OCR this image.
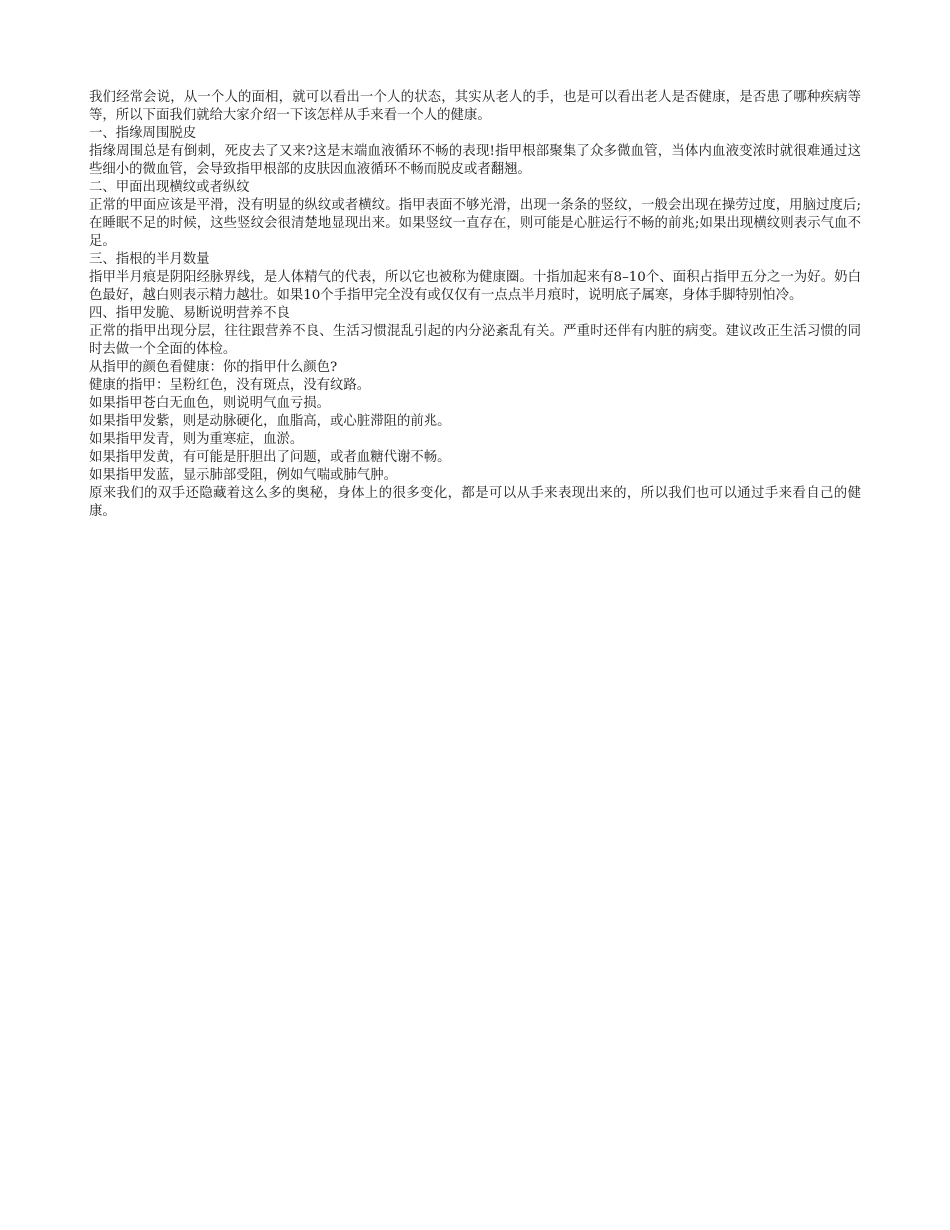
我们经常会说，从一个人的面相，就可以看出一个人的状态，其实从老人的手，也是可以看出老人是否健康，是否患了哪种疾病等等，所以下面我们就给大家介绍一下该怎样从手来看一个人的健康。

一、指缘周围脱皮

指缘周围总是有倒刺，死皮去了又来?这是末端血液循环不畅的表现!指甲根部聚集了众多微血管，当体内血液变浓时就很难通过这些细小的微血管，会导致指甲根部的皮肤因血液循环不畅而脱皮或者翻翘。

二、甲面出现横纹或者纵纹

正常的甲面应该是平滑，没有明显的纵纹或者横纹。指甲表面不够光滑，出现一条条的竖纹，一般会出现在操劳过度，用脑过度后;在睡眠不足的时候，这些竖纹会很清楚地显现出来。如果竖纹一直存在，则可能是心脏运行不畅的前兆;如果出现横纹则表示气血不足。

三、指根的半月数量

指甲半月痕是阴阳经脉界线，是人体精气的代表，所以它也被称为健康圈。十指加起来有8–10个、面积占指甲五分之一为好。奶白色最好，越白则表示精力越壮。如果10个手指甲完全没有或仅仅有一点点半月痕时，说明底子属寒，身体手脚特别怕冷。

四、指甲发脆、易断说明营养不良

正常的指甲出现分层，往往跟营养不良、生活习惯混乱引起的内分泌紊乱有关。严重时还伴有内脏的病变。建议改正生活习惯的同时去做一个全面的体检。

从指甲的颜色看健康：你的指甲什么颜色?

健康的指甲：呈粉红色，没有斑点，没有纹路。

如果指甲苍白无血色，则说明气血亏损。

如果指甲发紫，则是动脉硬化，血脂高，或心脏滞阻的前兆。

如果指甲发青，则为重寒症，血淤。

如果指甲发黄，有可能是肝胆出了问题，或者血糖代谢不畅。

如果指甲发蓝，显示肺部受阻，例如气喘或肺气肿。

原来我们的双手还隐藏着这么多的奥秘，身体上的很多变化，都是可以从手来表现出来的，所以我们也可以通过手来看自己的健康。
